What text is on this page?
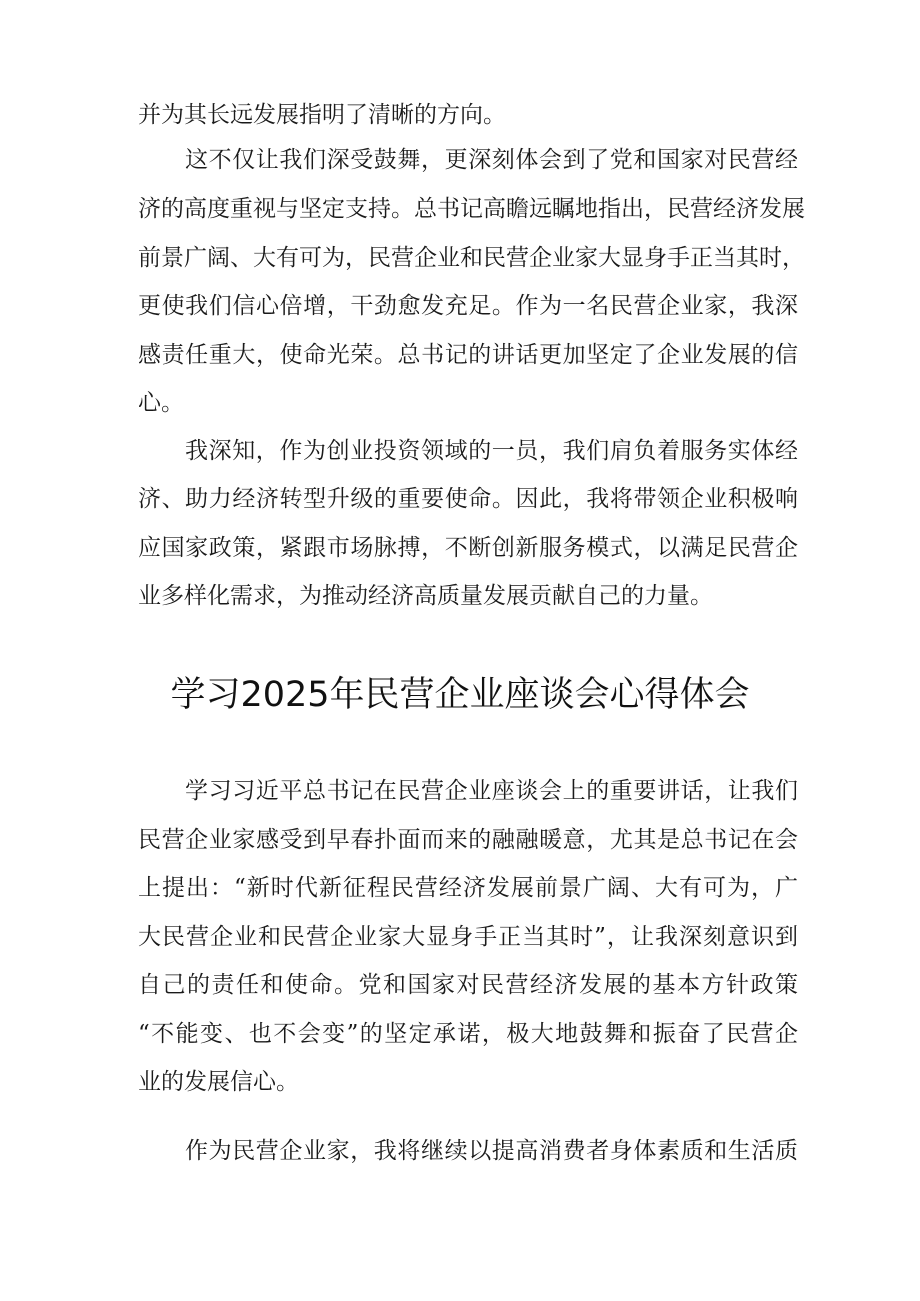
并为其长远发展指明了清晰的方向。
这不仅让我们深受鼓舞，更深刻体会到了党和国家对民营经
济的高度重视与坚定支持。总书记高瞻远瞩地指出，民营经济发展
前景广阔、大有可为，民营企业和民营企业家大显身手正当其时，
更使我们信心倍增，干劲愈发充足。作为一名民营企业家，我深
感责任重大，使命光荣。总书记的讲话更加坚定了企业发展的信
心。
我深知，作为创业投资领域的一员，我们肩负着服务实体经
济、助力经济转型升级的重要使命。因此，我将带领企业积极响
应国家政策，紧跟市场脉搏，不断创新服务模式，以满足民营企
业多样化需求，为推动经济高质量发展贡献自己的力量。
学习2025年民营企业座谈会心得体会
学习习近平总书记在民营企业座谈会上的重要讲话，让我们
民营企业家感受到早春扑面而来的融融暖意，尤其是总书记在会
上提出：“新时代新征程民营经济发展前景广阔、大有可为，广
大民营企业和民营企业家大显身手正当其时”，让我深刻意识到
自己的责任和使命。党和国家对民营经济发展的基本方针政策
“不能变、也不会变”的坚定承诺，极大地鼓舞和振奋了民营企
业的发展信心。
作为民营企业家，我将继续以提高消费者身体素质和生活质
